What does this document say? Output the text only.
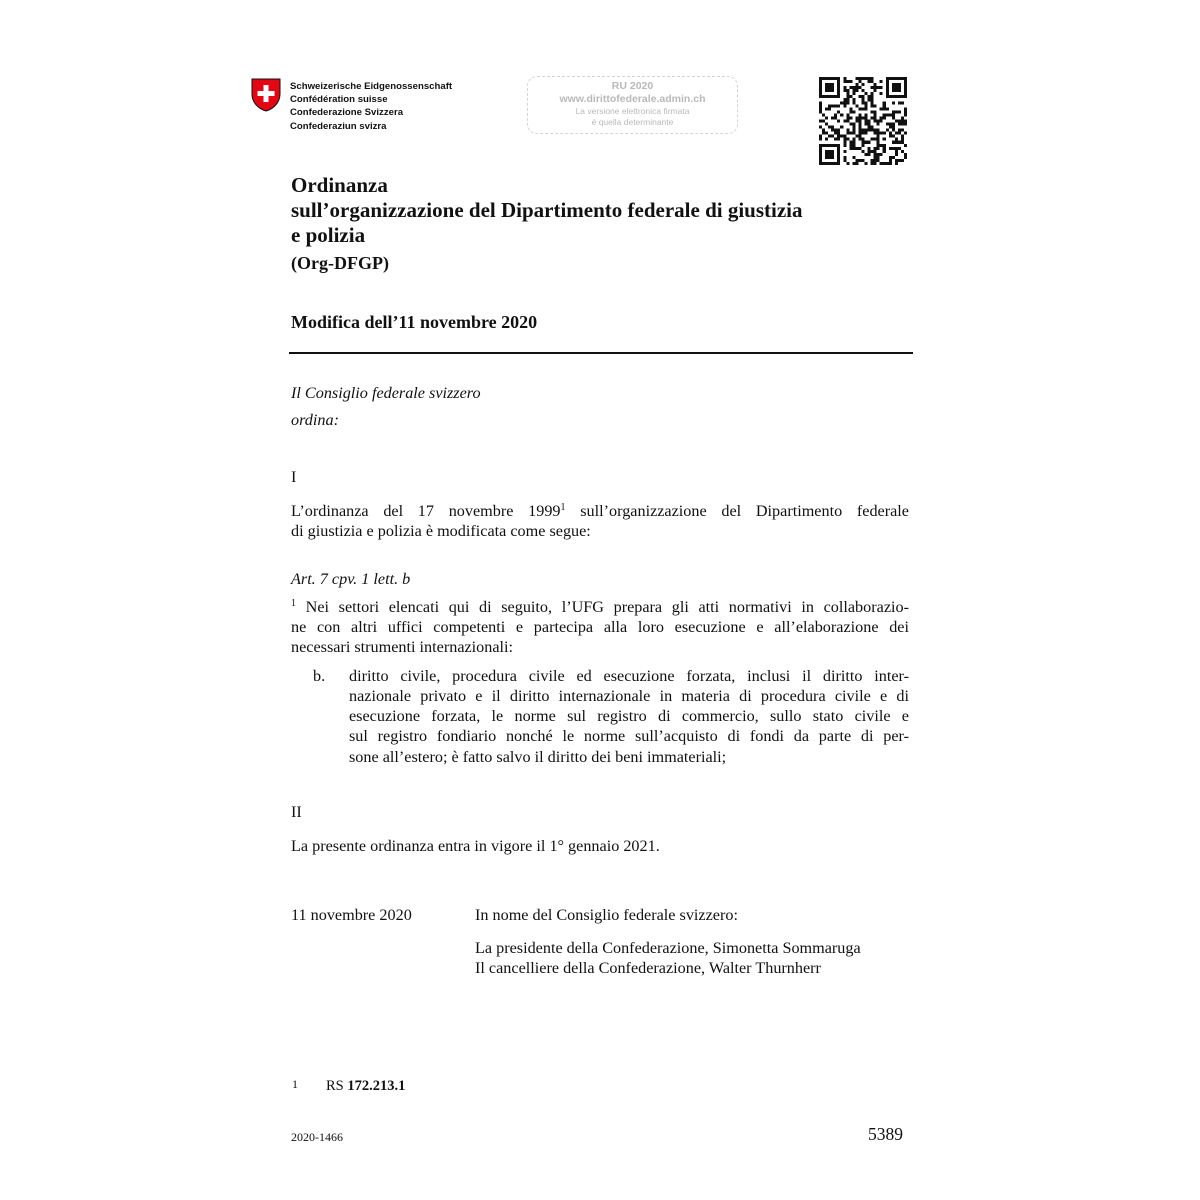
Schweizerische Eidgenossenschaft
Confédération suisse
Confederazione Svizzera
Confederaziun svizra
RU 2020
www.dirittofederale.admin.ch
La versione elettronica firmata
è quella determinante
Ordinanza
sull’organizzazione del Dipartimento federale di giustizia
e polizia
(Org-DFGP)
Modifica dell’11 novembre 2020
Il Consiglio federale svizzero
ordina:
I
L’ordinanza del 17 novembre 1999$^1$ sull’organizzazione del Dipartimento federale
di giustizia e polizia è modificata come segue:
Art. 7 cpv. 1 lett. b
$^1$ Nei settori elencati qui di seguito, l’UFG prepara gli atti normativi in collaborazio-
ne con altri uffici competenti e partecipa alla loro esecuzione e all’elaborazione dei
necessari strumenti internazionali:
b. diritto civile, procedura civile ed esecuzione forzata, inclusi il diritto inter-
nazionale privato e il diritto internazionale in materia di procedura civile e di
esecuzione forzata, le norme sul registro di commercio, sullo stato civile e
sul registro fondiario nonché le norme sull’acquisto di fondi da parte di per-
sone all’estero; è fatto salvo il diritto dei beni immateriali;
II
La presente ordinanza entra in vigore il 1° gennaio 2021.
11 novembre 2020	In nome del Consiglio federale svizzero:
La presidente della Confederazione, Simonetta Sommaruga
Il cancelliere della Confederazione, Walter Thurnherr
1 RS 172.213.1
2020-1466	5389
